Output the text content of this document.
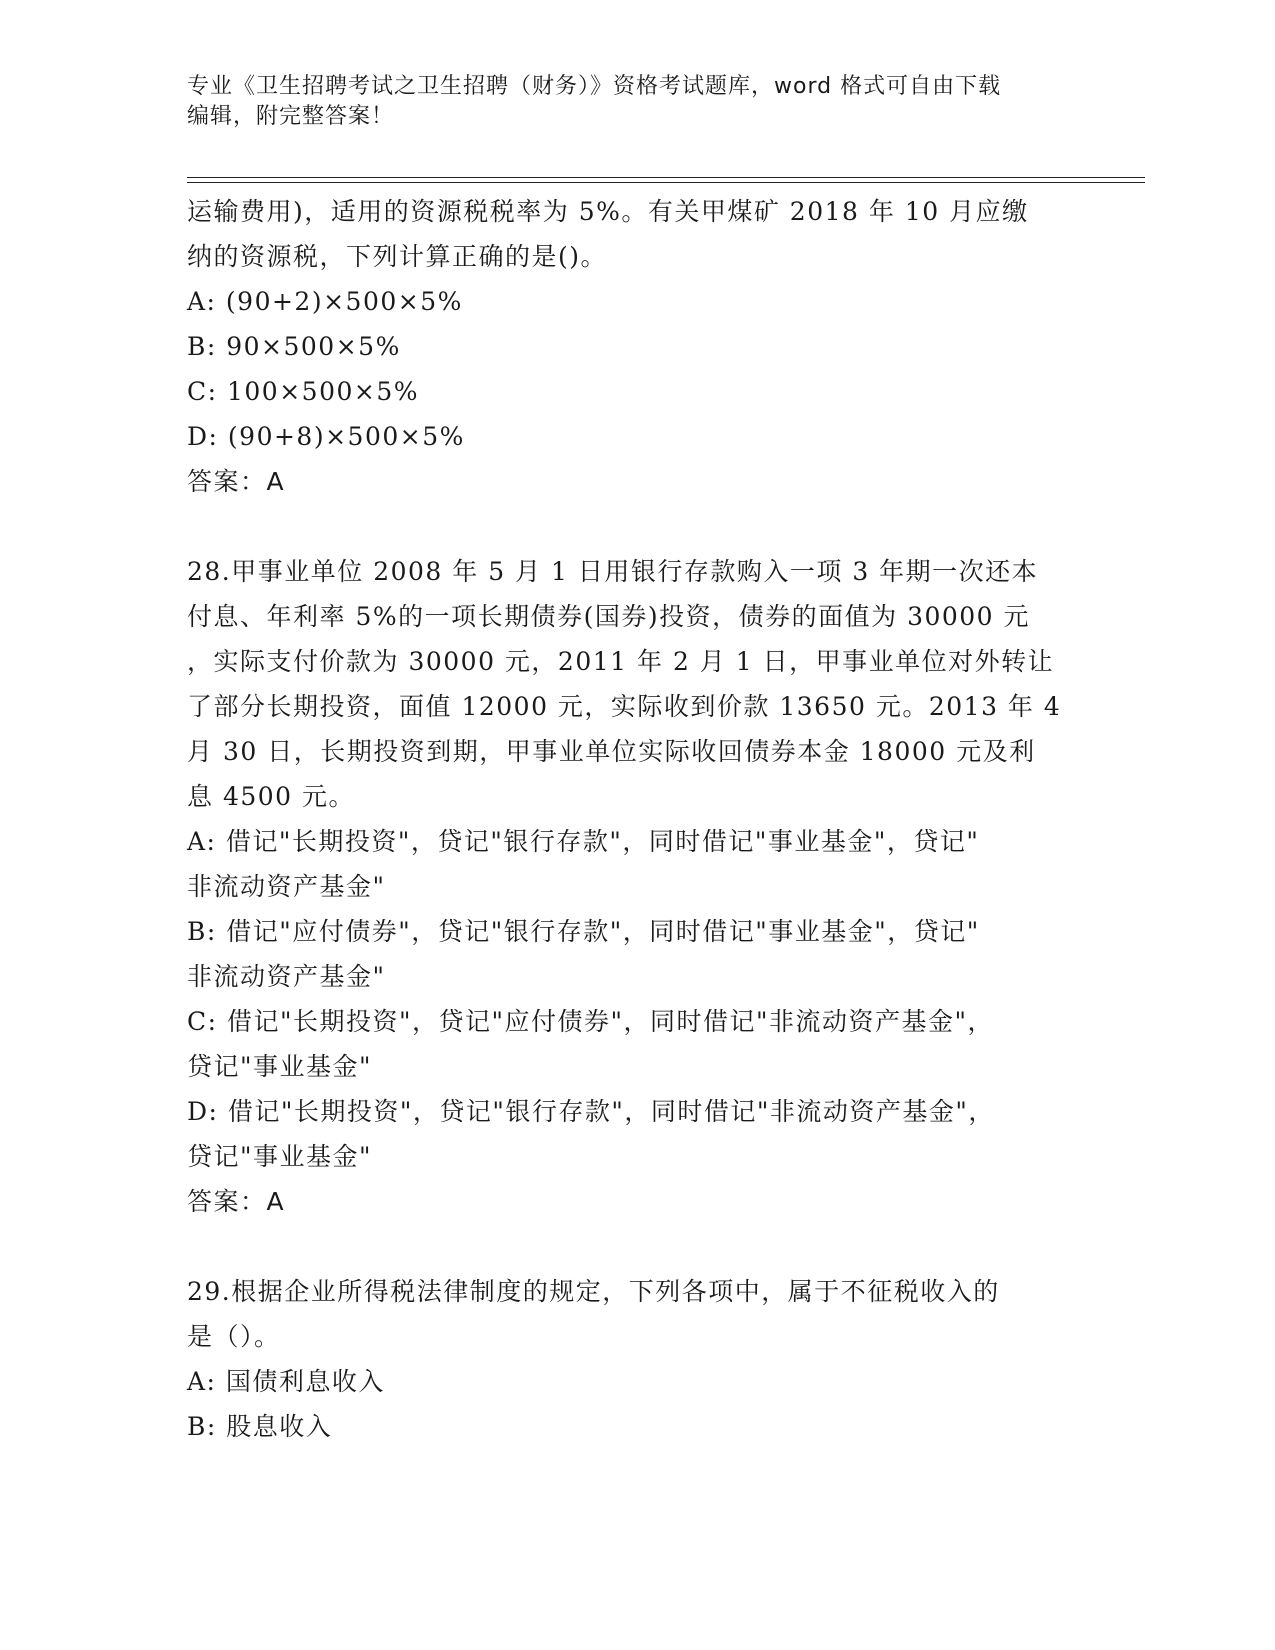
专业《卫生招聘考试之卫生招聘（财务）》资格考试题库，word 格式可自由下载
编辑，附完整答案！

运输费用)，适用的资源税税率为 5%。有关甲煤矿 2018 年 10 月应缴

纳的资源税，下列计算正确的是()。

A: (90+2)×500×5%

B: 90×500×5%

C: 100×500×5%

D: (90+8)×500×5%

答案：A

28.甲事业单位 2008 年 5 月 1 日用银行存款购入一项 3 年期一次还本

付息、年利率 5%的一项长期债券(国券)投资，债券的面值为 30000 元

，实际支付价款为 30000 元，2011 年 2 月 1 日，甲事业单位对外转让

了部分长期投资，面值 12000 元，实际收到价款 13650 元。2013 年 4

月 30 日，长期投资到期，甲事业单位实际收回债券本金 18000 元及利

息 4500 元。

A: 借记"长期投资"，贷记"银行存款"，同时借记"事业基金"，贷记"

非流动资产基金"

B: 借记"应付债券"，贷记"银行存款"，同时借记"事业基金"，贷记"

非流动资产基金"

C: 借记"长期投资"，贷记"应付债券"，同时借记"非流动资产基金"，

贷记"事业基金"

D: 借记"长期投资"，贷记"银行存款"，同时借记"非流动资产基金"，

贷记"事业基金"

答案：A

29.根据企业所得税法律制度的规定，下列各项中，属于不征税收入的

是（）。

A: 国债利息收入

B: 股息收入
